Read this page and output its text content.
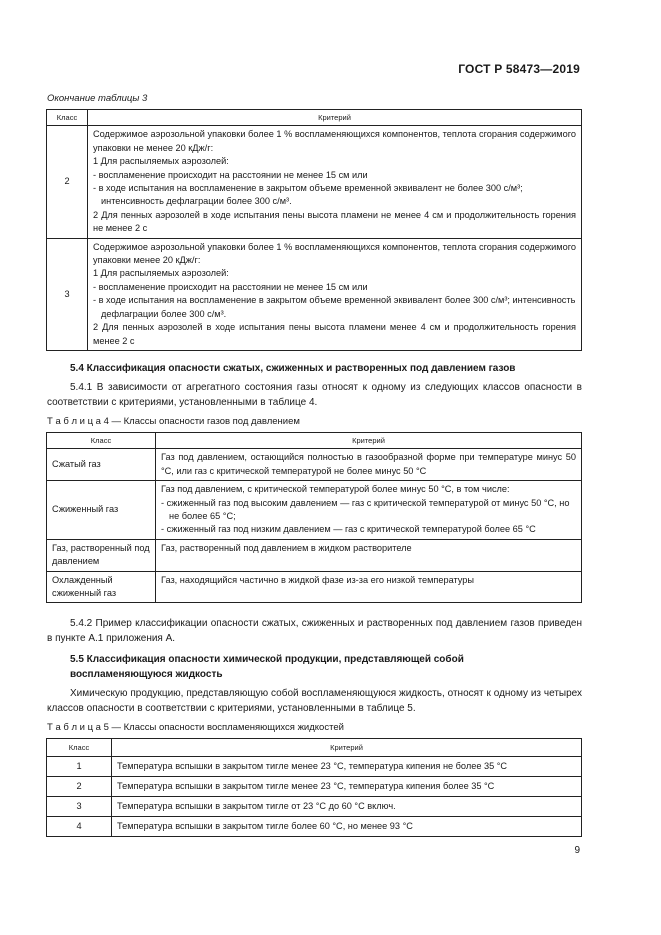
ГОСТ Р 58473—2019
Окончание таблицы 3
Класс	Критерий
2	Содержимое аэрозольной упаковки более 1 % воспламеняющихся компонентов, теплота сгорания содержимого упаковки не менее 20 кДж/г:

1 Для распыляемых аэрозолей:

- воспламенение происходит на расстоянии не менее 15 см или

- в ходе испытания на воспламенение в закрытом объеме временной эквивалент не более 300 с/м³; интенсивность дефлаграции более 300 с/м³.

2 Для пенных аэрозолей в ходе испытания пены высота пламени не менее 4 см и продолжительность горения не менее 2 с

3	Содержимое аэрозольной упаковки более 1 % воспламеняющихся компонентов, теплота сгорания содержимого упаковки менее 20 кДж/г:

1 Для распыляемых аэрозолей:

- воспламенение происходит на расстоянии не менее 15 см или

- в ходе испытания на воспламенение в закрытом объеме временной эквивалент более 300 с/м³; интенсивность дефлаграции более 300 с/м³.

2 Для пенных аэрозолей в ходе испытания пены высота пламени менее 4 см и продолжительность горения менее 2 с

5.4 Классификация опасности сжатых, сжиженных и растворенных под давлением газов
5.4.1 В зависимости от агрегатного состояния газы относят к одному из следующих классов опасности в соответствии с критериями, установленными в таблице 4.
Т а б л и ц а 4 — Классы опасности газов под давлением
Класс	Критерий
Сжатый газ	Газ под давлением, остающийся полностью в газообразной форме при температуре минус 50 °С, или газ с критической температурой не более минус 50 °С
Сжиженный газ	Газ под давлением, с критической температурой более минус 50 °С, в том числе:

- сжиженный газ под высоким давлением — газ с критической температурой от минус 50 °С, но не более 65 °С;

- сжиженный газ под низким давлением — газ с критической температурой более 65 °С

Газ, растворенный под давлением	Газ, растворенный под давлением в жидком растворителе
Охлажденный сжиженный газ	Газ, находящийся частично в жидкой фазе из-за его низкой температуры
5.4.2 Пример классификации опасности сжатых, сжиженных и растворенных под давлением газов приведен в пункте А.1 приложения А.
5.5 Классификация опасности химической продукции, представляющей собой воспламеняющуюся жидкость
Химическую продукцию, представляющую собой воспламеняющуюся жидкость, относят к одному из четырех классов опасности в соответствии с критериями, установленными в таблице 5.
Т а б л и ц а 5 — Классы опасности воспламеняющихся жидкостей
Класс	Критерий
1	Температура вспышки в закрытом тигле менее 23 °С, температура кипения не более 35 °С
2	Температура вспышки в закрытом тигле менее 23 °С, температура кипения более 35 °С
3	Температура вспышки в закрытом тигле от 23 °С до 60 °С включ.
4	Температура вспышки в закрытом тигле более 60 °С, но менее 93 °С
9
